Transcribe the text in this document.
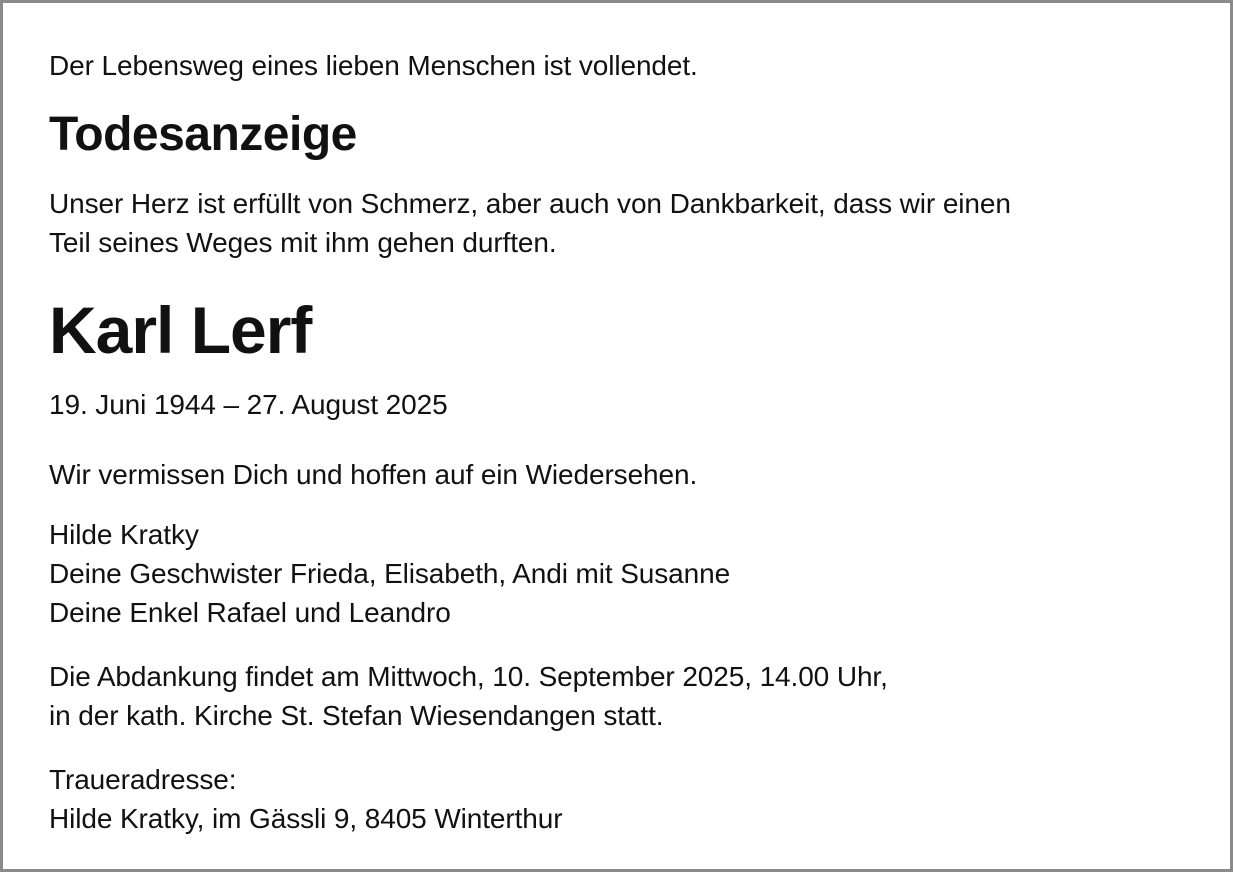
Der Lebensweg eines lieben Menschen ist vollendet.

Todesanzeige
Unser Herz ist erfüllt von Schmerz, aber auch von Dankbarkeit, dass wir einen
Teil seines Weges mit ihm gehen durften.
Karl Lerf

19. Juni 1944 – 27. August 2025

Wir vermissen Dich und hoffen auf ein Wiedersehen.

Hilde Kratky
Deine Geschwister Frieda, Elisabeth, Andi mit Susanne
Deine Enkel Rafael und Leandro
Die Abdankung findet am Mittwoch, 10. September 2025, 14.00 Uhr,
in der kath. Kirche St. Stefan Wiesendangen statt.
Traueradresse:
Hilde Kratky, im Gässli 9, 8405 Winterthur
